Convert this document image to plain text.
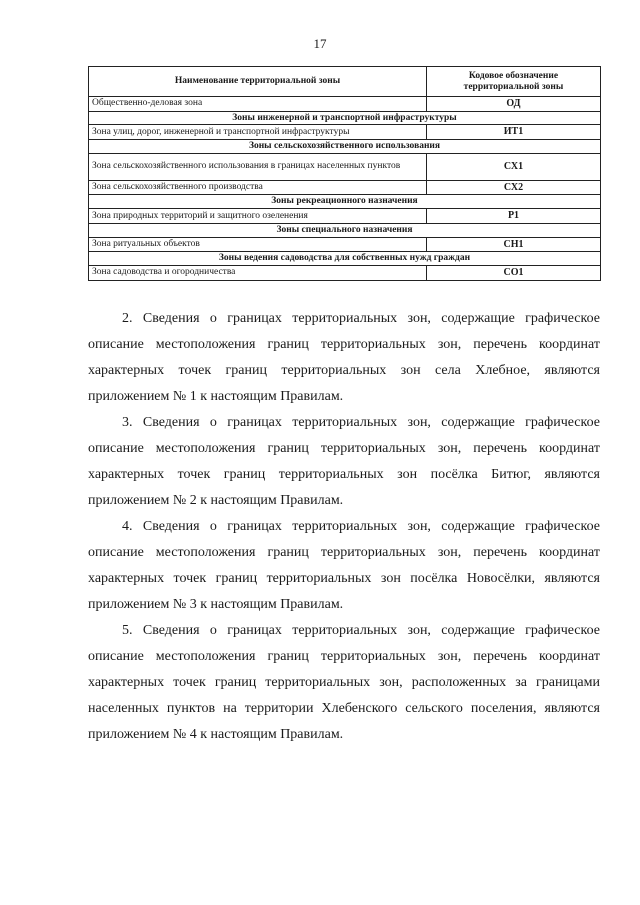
17
Наименование территориальной зоны	Кодовое обозначение территориальной зоны
Общественно-деловая зона	ОД
Зоны инженерной и транспортной инфраструктуры	
Зона улиц, дорог, инженерной и транспортной инфраструктуры	ИТ1
Зоны сельскохозяйственного использования	
Зона сельскохозяйственного использования в границах населенных пунктов	СХ1
Зона сельскохозяйственного производства	СХ2
Зоны рекреационного назначения	
Зона природных территорий и защитного озеленения	Р1
Зоны специального назначения	
Зона ритуальных объектов	СН1
Зоны ведения садоводства для собственных нужд граждан	
Зона садоводства и огородничества	СО1

2. Сведения о границах территориальных зон, содержащие графическое описание местоположения границ территориальных зон, перечень координат характерных точек границ территориальных зон села Хлебное, являются приложением № 1 к настоящим Правилам.

3. Сведения о границах территориальных зон, содержащие графическое описание местоположения границ территориальных зон, перечень координат характерных точек границ территориальных зон посёлка Битюг, являются приложением № 2 к настоящим Правилам.

4. Сведения о границах территориальных зон, содержащие графическое описание местоположения границ территориальных зон, перечень координат характерных точек границ территориальных зон посёлка Новосёлки, являются приложением № 3 к настоящим Правилам.

5. Сведения о границах территориальных зон, содержащие графическое описание местоположения границ территориальных зон, перечень координат характерных точек границ территориальных зон, расположенных за границами населенных пунктов на территории Хлебенского сельского поселения, являются приложением № 4 к настоящим Правилам.
